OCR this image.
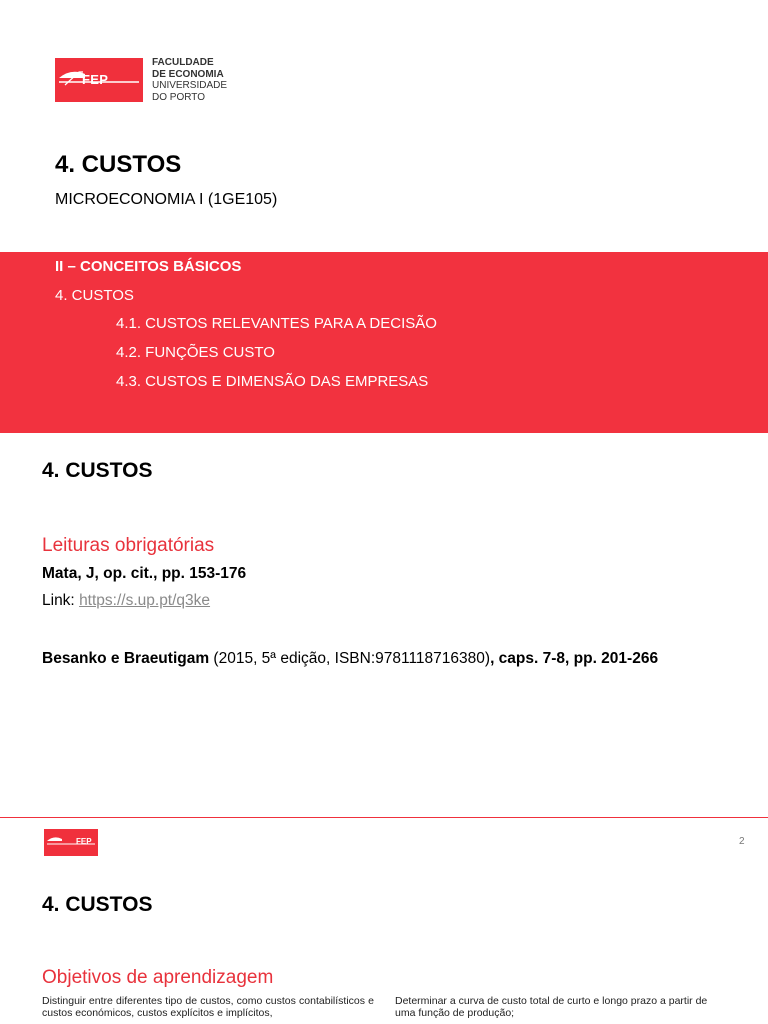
FEP
FACULDADE
DE ECONOMIA
UNIVERSIDADE
DO PORTO
4. CUSTOS
MICROECONOMIA I (1GE105)
II – CONCEITOS BÁSICOS
4. CUSTOS
4.1. CUSTOS RELEVANTES PARA A DECISÃO
4.2. FUNÇÕES CUSTO
4.3. CUSTOS E DIMENSÃO DAS EMPRESAS
4. CUSTOS
Leituras obrigatórias
Mata, J, op. cit., pp. 153-176
Link: https://s.up.pt/q3ke
Besanko e Braeutigam (2015, 5ª edição, ISBN:9781118716380), caps. 7-8, pp. 201-266
FEP	2
4. CUSTOS
Objetivos de aprendizagem
Distinguir entre diferentes tipo de custos, como custos contabilísticos e custos económicos, custos explícitos e implícitos,
Determinar a curva de custo total de curto e longo prazo a partir de uma função de produção;
